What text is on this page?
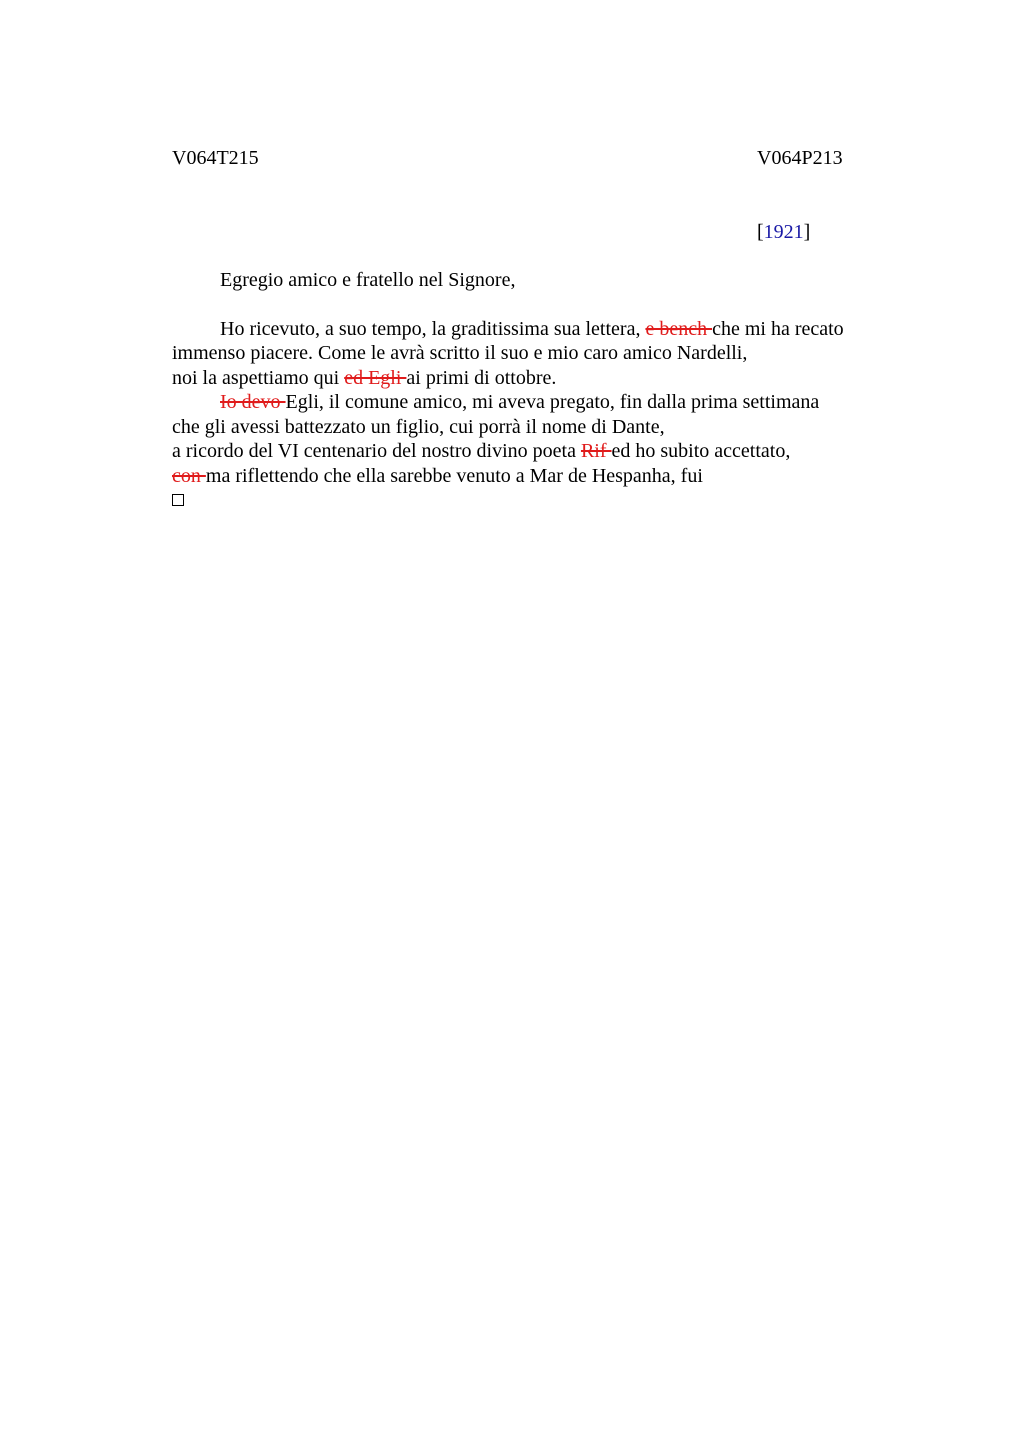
V064T215	V064P213
[1921]
Egregio amico e fratello nel Signore,
Ho ricevuto, a suo tempo, la graditissima sua lettera, e bench che mi ha recato
immenso piacere. Come le avrà scritto il suo e mio caro amico Nardelli,
noi la aspettiamo qui ed Egli ai primi di ottobre.
Io devo Egli, il comune amico, mi aveva pregato, fin dalla prima settimana
che gli avessi battezzato un figlio, cui porrà il nome di Dante,
a ricordo del VI centenario del nostro divino poeta Rif ed ho subito accettato,
con ma riflettendo che ella sarebbe venuto a Mar de Hespanha, fui
